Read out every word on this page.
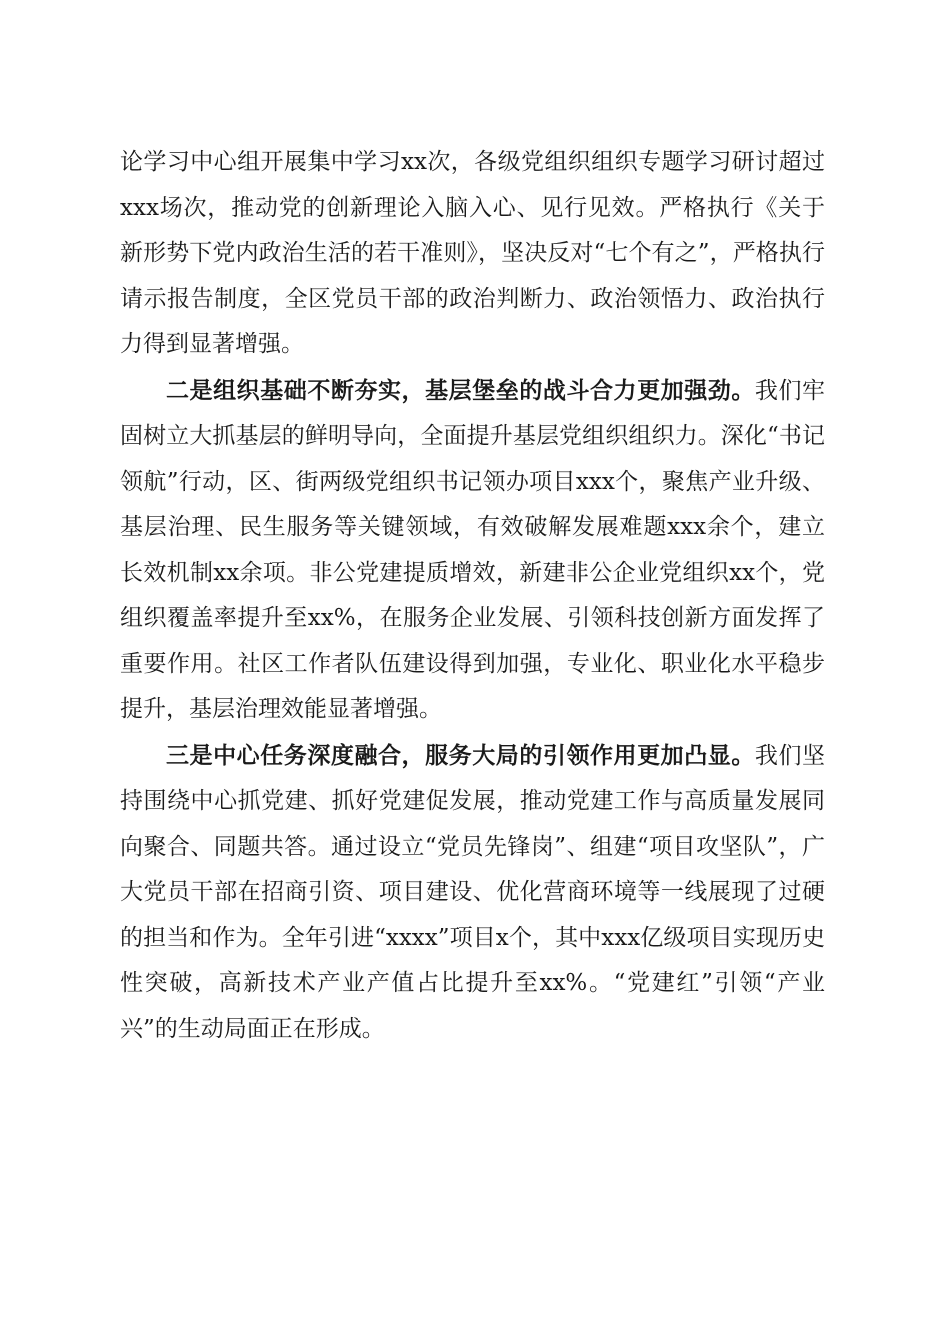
论学习中心组开展集中学习xx次，各级党组织组织专题学习研讨超过xxx场次，推动党的创新理论入脑入心、见行见效。严格执行《关于新形势下党内政治生活的若干准则》，坚决反对“七个有之”，严格执行请示报告制度，全区党员干部的政治判断力、政治领悟力、政治执行力得到显著增强。

二是组织基础不断夯实，基层堡垒的战斗合力更加强劲。我们牢固树立大抓基层的鲜明导向，全面提升基层党组织组织力。深化“书记领航”行动，区、街两级党组织书记领办项目xxx个，聚焦产业升级、基层治理、民生服务等关键领域，有效破解发展难题xxx余个，建立长效机制xx余项。非公党建提质增效，新建非公企业党组织xx个，党组织覆盖率提升至xx%，在服务企业发展、引领科技创新方面发挥了重要作用。社区工作者队伍建设得到加强，专业化、职业化水平稳步提升，基层治理效能显著增强。

三是中心任务深度融合，服务大局的引领作用更加凸显。我们坚持围绕中心抓党建、抓好党建促发展，推动党建工作与高质量发展同向聚合、同题共答。通过设立“党员先锋岗”、组建“项目攻坚队”，广大党员干部在招商引资、项目建设、优化营商环境等一线展现了过硬的担当和作为。全年引进“xxxx”项目x个，其中xxx亿级项目实现历史性突破，高新技术产业产值占比提升至xx%。“党建红”引领“产业兴”的生动局面正在形成。
